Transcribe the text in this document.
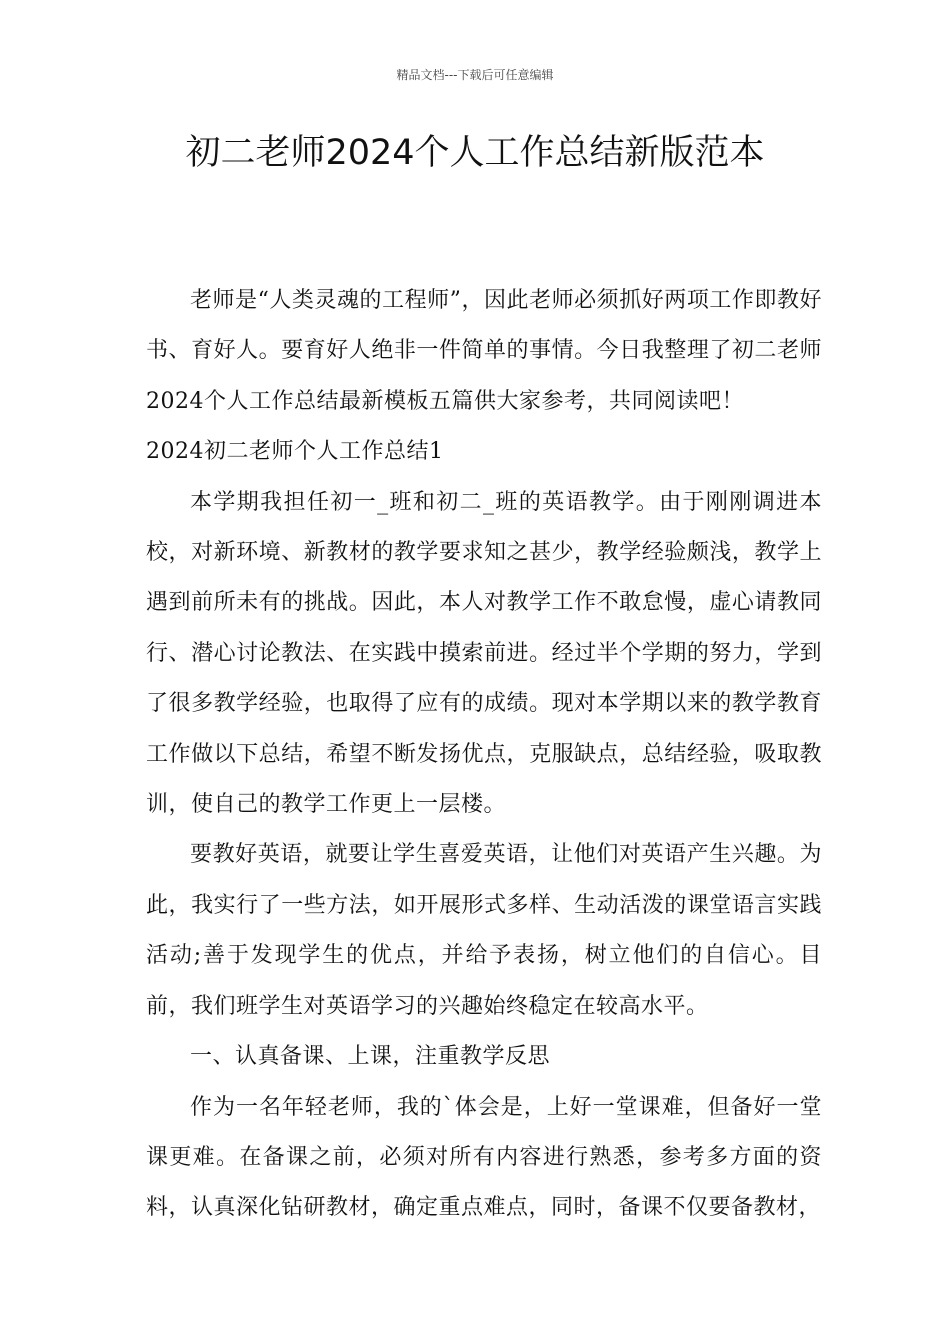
精品文档---下载后可任意编辑
初二老师2024个人工作总结新版范本

老师是“人类灵魂的工程师”，因此老师必须抓好两项工作即教好书、育好人。要育好人绝非一件简单的事情。今日我整理了初二老师2024个人工作总结最新模板五篇供大家参考，共同阅读吧！

2024初二老师个人工作总结1

本学期我担任初一_班和初二_班的英语教学。由于刚刚调进本校，对新环境、新教材的教学要求知之甚少，教学经验颇浅，教学上遇到前所未有的挑战。因此，本人对教学工作不敢怠慢，虚心请教同行、潜心讨论教法、在实践中摸索前进。经过半个学期的努力，学到了很多教学经验，也取得了应有的成绩。现对本学期以来的教学教育工作做以下总结，希望不断发扬优点，克服缺点，总结经验，吸取教训，使自己的教学工作更上一层楼。

要教好英语，就要让学生喜爱英语，让他们对英语产生兴趣。为此，我实行了一些方法，如开展形式多样、生动活泼的课堂语言实践活动;善于发现学生的优点，并给予表扬，树立他们的自信心。目前，我们班学生对英语学习的兴趣始终稳定在较高水平。

一、认真备课、上课，注重教学反思

作为一名年轻老师，我的`体会是，上好一堂课难，但备好一堂课更难。在备课之前，必须对所有内容进行熟悉，参考多方面的资料，认真深化钻研教材，确定重点难点，同时，备课不仅要备教材，
